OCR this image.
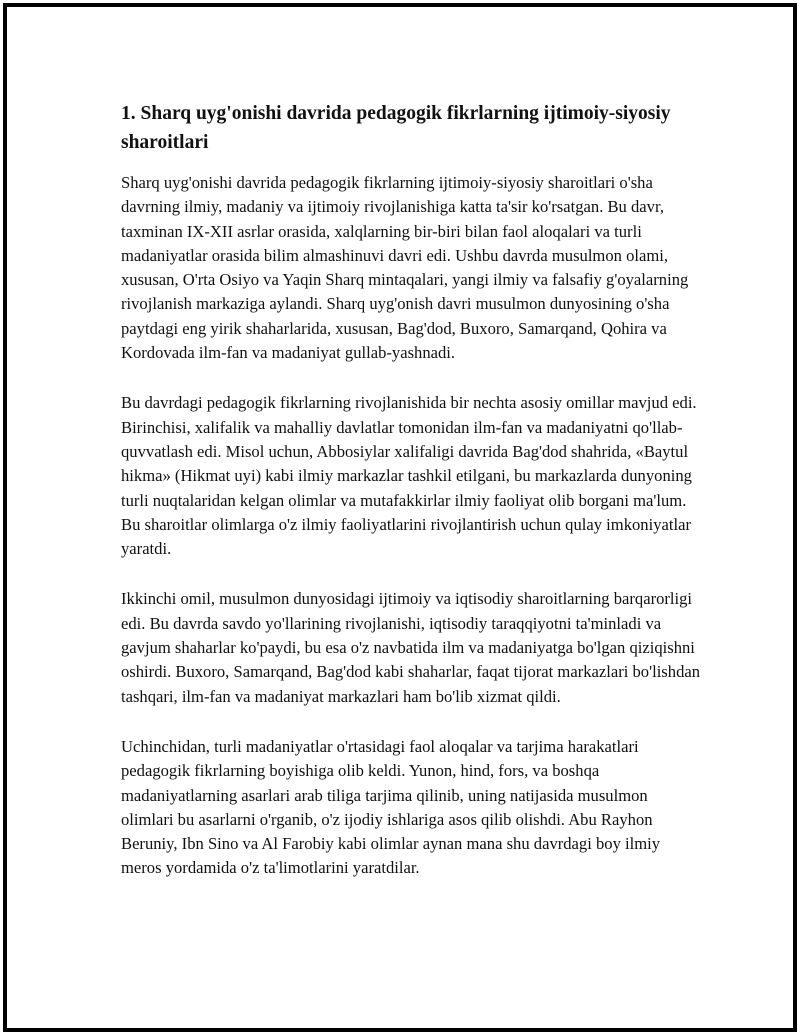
1. Sharq uyg'onishi davrida pedagogik fikrlarning ijtimoiy-siyosiy sharoitlari

Sharq uyg'onishi davrida pedagogik fikrlarning ijtimoiy-siyosiy sharoitlari o'sha davrning ilmiy, madaniy va ijtimoiy rivojlanishiga katta ta'sir ko'rsatgan. Bu davr, taxminan IX-XII asrlar orasida, xalqlarning bir-biri bilan faol aloqalari va turli madaniyatlar orasida bilim almashinuvi davri edi. Ushbu davrda musulmon olami, xususan, O'rta Osiyo va Yaqin Sharq mintaqalari, yangi ilmiy va falsafiy g'oyalarning rivojlanish markaziga aylandi. Sharq uyg'onish davri musulmon dunyosining o'sha paytdagi eng yirik shaharlarida, xususan, Bag'dod, Buxoro, Samarqand, Qohira va Kordovada ilm-fan va madaniyat gullab-yashnadi.

Bu davrdagi pedagogik fikrlarning rivojlanishida bir nechta asosiy omillar mavjud edi. Birinchisi, xalifalik va mahalliy davlatlar tomonidan ilm-fan va madaniyatni qo'llab-quvvatlash edi. Misol uchun, Abbosiylar xalifaligi davrida Bag'dod shahrida, «Baytul hikma» (Hikmat uyi) kabi ilmiy markazlar tashkil etilgani, bu markazlarda dunyoning turli nuqtalaridan kelgan olimlar va mutafakkirlar ilmiy faoliyat olib borgani ma'lum. Bu sharoitlar olimlarga o'z ilmiy faoliyatlarini rivojlantirish uchun qulay imkoniyatlar yaratdi.

Ikkinchi omil, musulmon dunyosidagi ijtimoiy va iqtisodiy sharoitlarning barqarorligi edi. Bu davrda savdo yo'llarining rivojlanishi, iqtisodiy taraqqiyotni ta'minladi va gavjum shaharlar ko'paydi, bu esa o'z navbatida ilm va madaniyatga bo'lgan qiziqishni oshirdi. Buxoro, Samarqand, Bag'dod kabi shaharlar, faqat tijorat markazlari bo'lishdan tashqari, ilm-fan va madaniyat markazlari ham bo'lib xizmat qildi.

Uchinchidan, turli madaniyatlar o'rtasidagi faol aloqalar va tarjima harakatlari pedagogik fikrlarning boyishiga olib keldi. Yunon, hind, fors, va boshqa madaniyatlarning asarlari arab tiliga tarjima qilinib, uning natijasida musulmon olimlari bu asarlarni o'rganib, o'z ijodiy ishlariga asos qilib olishdi. Abu Rayhon Beruniy, Ibn Sino va Al Farobiy kabi olimlar aynan mana shu davrdagi boy ilmiy meros yordamida o'z ta'limotlarini yaratdilar.
